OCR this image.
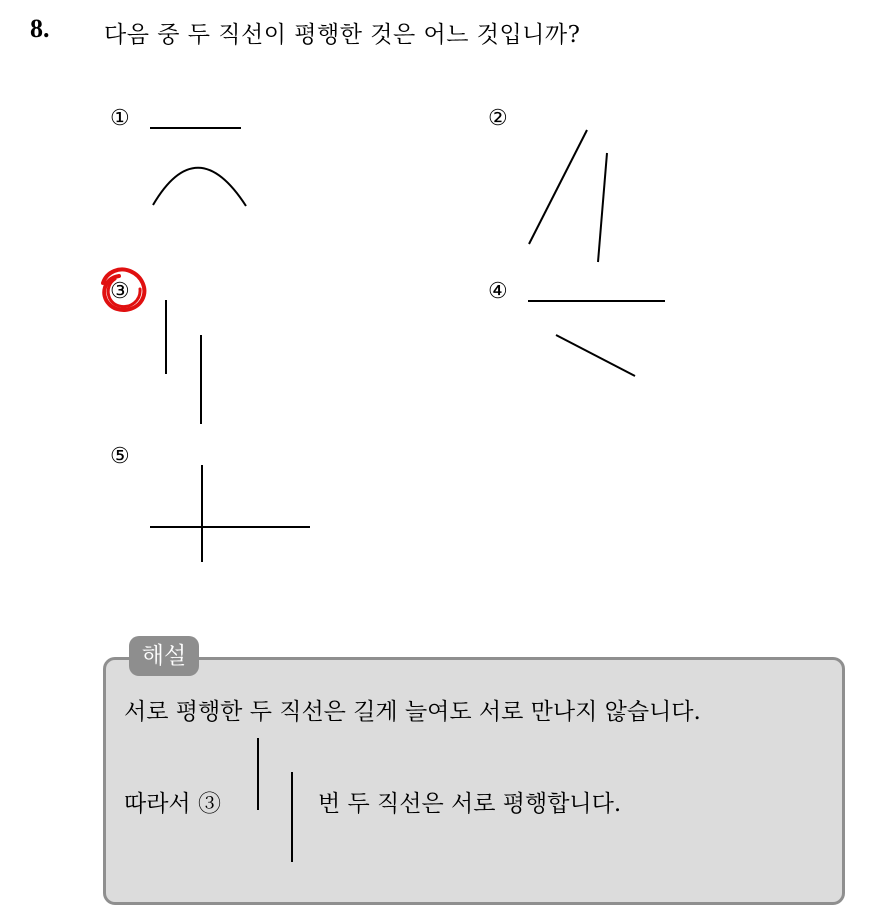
8. 다음 중 두 직선이 평행한 것은 어느 것입니까?
①	②
③	④
⑤
해설
서로 평행한 두 직선은 길게 늘여도 서로 만나지 않습니다.
따라서 ③	번 두 직선은 서로 평행합니다.
